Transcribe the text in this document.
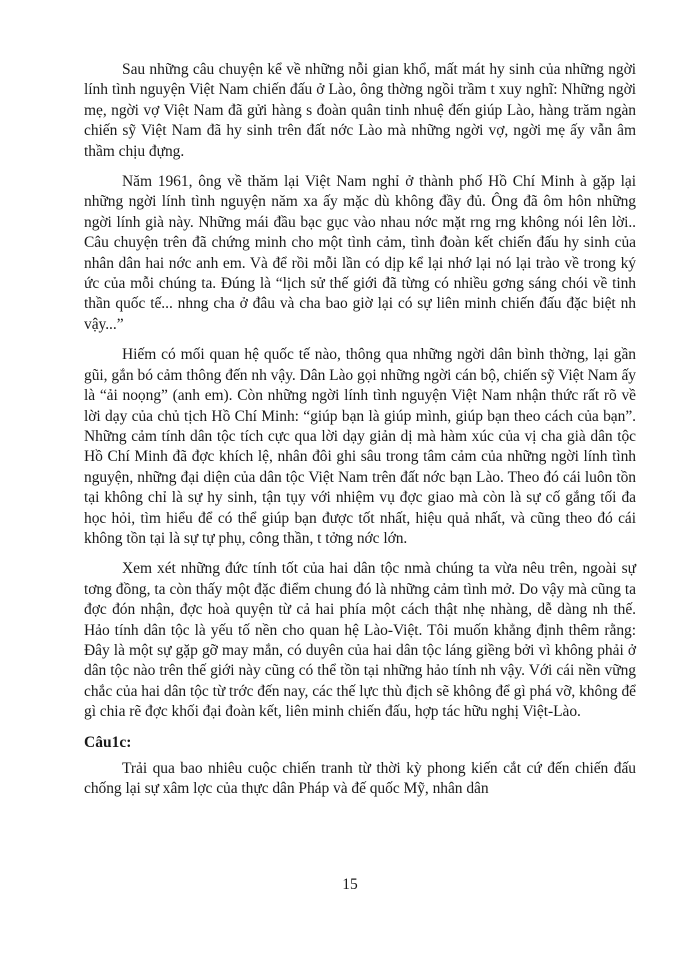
Sau những câu chuyện kể về những nỗi gian khổ, mất mát hy sinh của những ngời lính tình nguyện Việt Nam chiến đấu ở Lào, ông thờng ngồi trầm t xuy nghĩ: Những ngời mẹ, ngời vợ Việt Nam đã gửi hàng s đoàn quân tinh nhuệ đến giúp Lào, hàng trăm ngàn chiến sỹ Việt Nam đã hy sinh trên đất nớc Lào mà những ngời vợ, ngời mẹ ấy vẫn âm thầm chịu đựng.

Năm 1961, ông về thăm lại Việt Nam nghỉ ở thành phố Hồ Chí Minh à gặp lại những ngời lính tình nguyện năm xa ấy mặc dù không đầy đủ. Ông đã ôm hôn những ngời lính già này. Những mái đầu bạc gục vào nhau nớc mặt rng rng không nói lên lời.. Câu chuyện trên đã chứng minh cho một tình cảm, tình đoàn kết chiến đấu hy sinh của nhân dân hai nớc anh em. Và để rồi mỗi lần có dịp kể lại nhớ lại nó lại trào về trong ký ức của mỗi chúng ta. Đúng là “lịch sử thế giới đã từng có nhiều gơng sáng chói về tinh thần quốc tế... nhng cha ở đâu và cha bao giờ lại có sự liên minh chiến đấu đặc biệt nh vậy...”

Hiếm có mối quan hệ quốc tế nào, thông qua những ngời dân bình thờng, lại gần gũi, gắn bó cảm thông đến nh vậy. Dân Lào gọi những ngời cán bộ, chiến sỹ Việt Nam ấy là “ải noọng” (anh em). Còn những ngời lính tình nguyện Việt Nam nhận thức rất rõ về lời dạy của chủ tịch Hồ Chí Minh: “giúp bạn là giúp mình, giúp bạn theo cách của bạn”. Những cảm tính dân tộc tích cực qua lời dạy giản dị mà hàm xúc của vị cha già dân tộc Hồ Chí Minh đã đợc khích lệ, nhân đôi ghi sâu trong tâm cảm của những ngời lính tình nguyện, những đại diện của dân tộc Việt Nam trên đất nớc bạn Lào. Theo đó cái luôn tồn tại không chỉ là sự hy sinh, tận tụy với nhiệm vụ đợc giao mà còn là sự cố gắng tối đa học hỏi, tìm hiểu để có thể giúp bạn được tốt nhất, hiệu quả nhất, và cũng theo đó cái không tồn tại là sự tự phụ, công thần, t tởng nớc lớn.

Xem xét những đức tính tốt của hai dân tộc nmà chúng ta vừa nêu trên, ngoài sự tơng đồng, ta còn thấy một đặc điểm chung đó là những cảm tình mở. Do vậy mà cũng ta đợc đón nhận, đợc hoà quyện từ cả hai phía một cách thật nhẹ nhàng, dễ dàng nh thế. Hảo tính dân tộc là yếu tố nền cho quan hệ Lào-Việt. Tôi muốn khẳng định thêm rằng: Đây là một sự gặp gỡ may mắn, có duyên của hai dân tộc láng giềng bởi vì không phải ở dân tộc nào trên thế giới này cũng có thể tồn tại những hảo tính nh vậy. Với cái nền vững chắc của hai dân tộc từ trớc đến nay, các thế lực thù địch sẽ không để gì phá vỡ, không để gì chia rẽ đợc khối đại đoàn kết, liên minh chiến đấu, hợp tác hữu nghị Việt-Lào.

Câu1c:

Trải qua bao nhiêu cuộc chiến tranh từ thời kỳ phong kiến cắt cứ đến chiến đấu chống lại sự xâm lợc của thực dân Pháp và đế quốc Mỹ, nhân dân

15
